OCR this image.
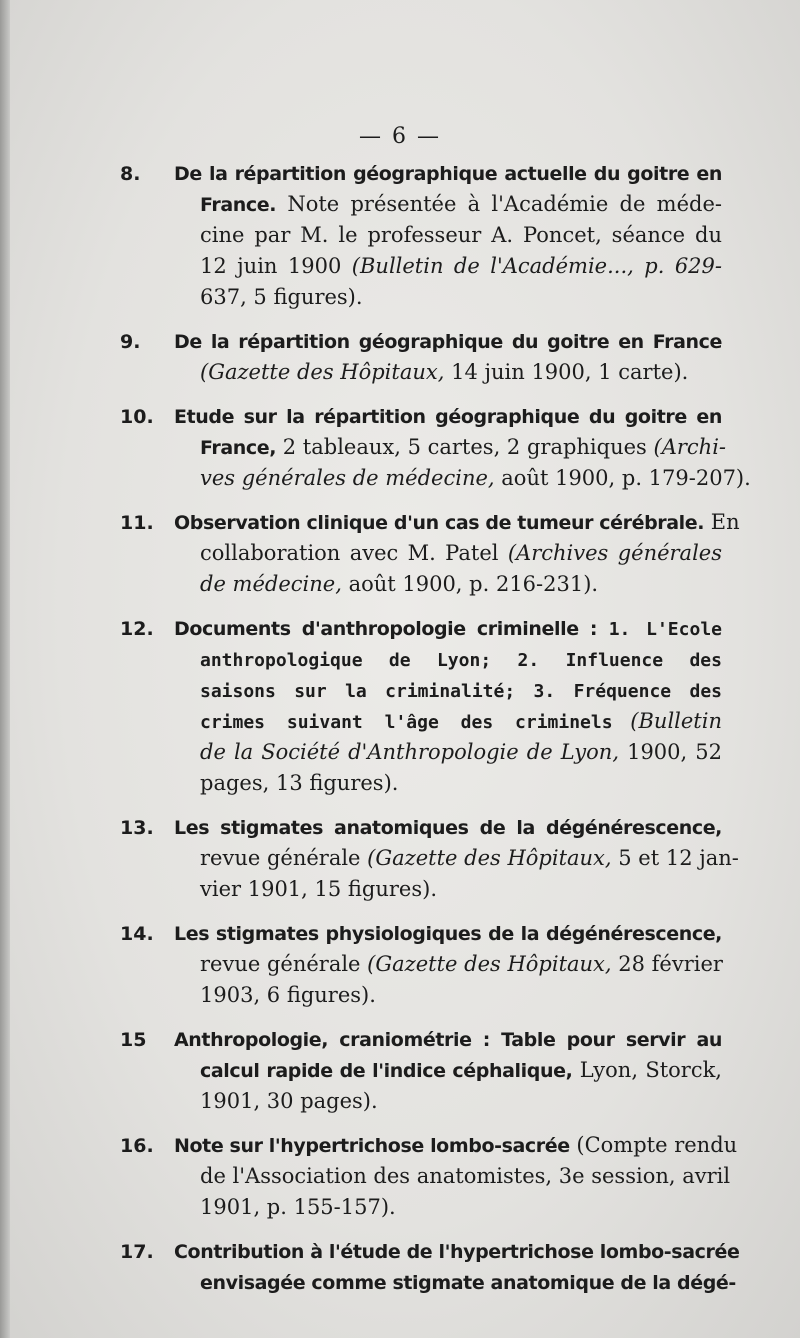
— 6 —
8. De la répartition géographique actuelle du goitre en
France. Note présentée à l'Académie de méde-
cine par M. le professeur A. Poncet, séance du
12 juin 1900 (Bulletin de l'Académie..., p. 629-
637, 5 figures).
9. De la répartition géographique du goitre en France
(Gazette des Hôpitaux, 14 juin 1900, 1 carte).
10. Etude sur la répartition géographique du goitre en
France, 2 tableaux, 5 cartes, 2 graphiques (Archi-
ves générales de médecine, août 1900, p. 179-207).
11. Observation clinique d'un cas de tumeur cérébrale. En
collaboration avec M. Patel (Archives générales
de médecine, août 1900, p. 216-231).
12. Documents d'anthropologie criminelle : 1. L'Ecole
anthropologique de Lyon; 2. Influence des
saisons sur la criminalité; 3. Fréquence des
crimes suivant l'âge des criminels (Bulletin
de la Société d'Anthropologie de Lyon, 1900, 52
pages, 13 figures).
13. Les stigmates anatomiques de la dégénérescence,
revue générale (Gazette des Hôpitaux, 5 et 12 jan-
vier 1901, 15 figures).
14. Les stigmates physiologiques de la dégénérescence,
revue générale (Gazette des Hôpitaux, 28 février
1903, 6 figures).
15 Anthropologie, craniométrie : Table pour servir au
calcul rapide de l'indice céphalique, Lyon, Storck,
1901, 30 pages).
16. Note sur l'hypertrichose lombo-sacrée (Compte rendu
de l'Association des anatomistes, 3e session, avril
1901, p. 155-157).
17. Contribution à l'étude de l'hypertrichose lombo-sacrée
envisagée comme stigmate anatomique de la dégé-
